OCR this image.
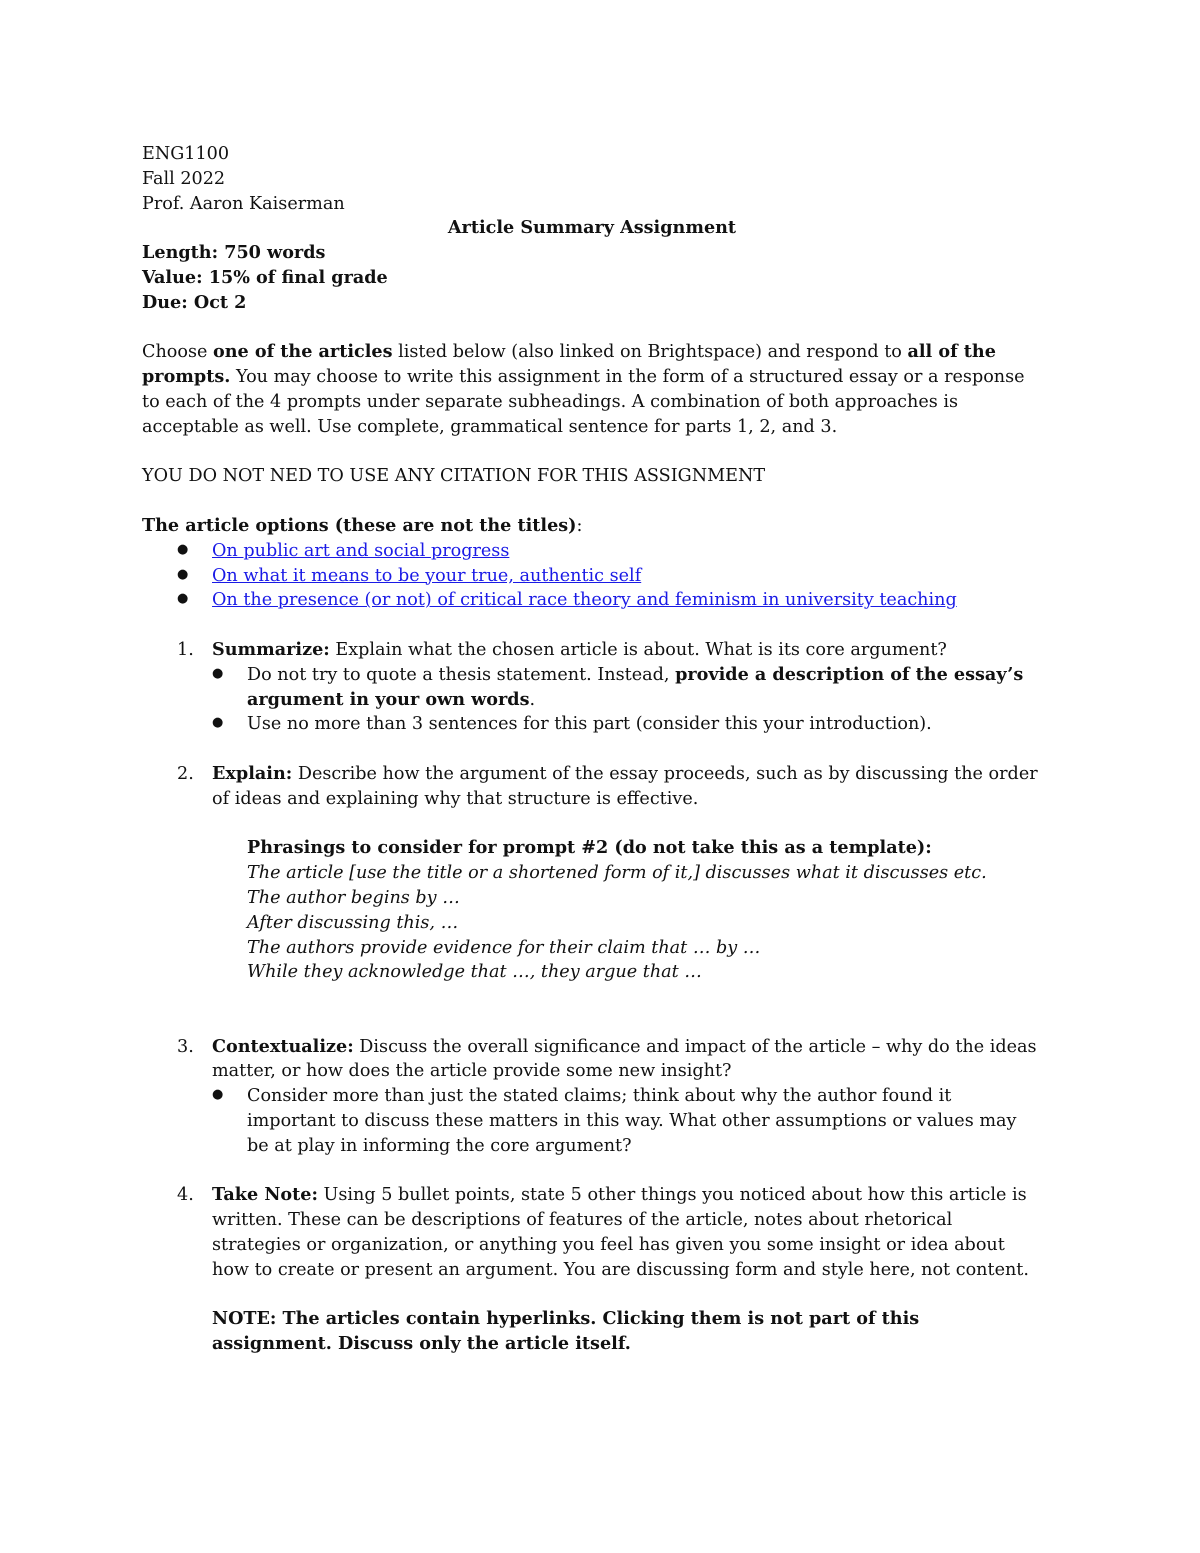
ENG1100

Fall 2022

Prof. Aaron Kaiserman

Article Summary Assignment

Length: 750 words

Value: 15% of final grade

Due: Oct 2

Choose one of the articles listed below (also linked on Brightspace) and respond to all of the prompts. You may choose to write this assignment in the form of a structured essay or a response to each of the 4 prompts under separate subheadings. A combination of both approaches is acceptable as well. Use complete, grammatical sentence for parts 1, 2, and 3.

YOU DO NOT NED TO USE ANY CITATION FOR THIS ASSIGNMENT

The article options (these are not the titles):

● On public art and social progress
● On what it means to be your true, authentic self
● On the presence (or not) of critical race theory and feminism in university teaching
1. Summarize: Explain what the chosen article is about. What is its core argument?

● Do not try to quote a thesis statement. Instead, provide a description of the essay’s argument in your own words.
● Use no more than 3 sentences for this part (consider this your introduction).
2. Explain: Describe how the argument of the essay proceeds, such as by discussing the order of ideas and explaining why that structure is effective.

Phrasings to consider for prompt #2 (do not take this as a template):

The article [use the title or a shortened form of it,] discusses what it discusses etc.

The author begins by …

After discussing this, …

The authors provide evidence for their claim that … by …

While they acknowledge that …, they argue that …

3. Contextualize: Discuss the overall significance and impact of the article – why do the ideas matter, or how does the article provide some new insight?

● Consider more than just the stated claims; think about why the author found it important to discuss these matters in this way. What other assumptions or values may be at play in informing the core argument?
4. Take Note: Using 5 bullet points, state 5 other things you noticed about how this article is written. These can be descriptions of features of the article, notes about rhetorical strategies or organization, or anything you feel has given you some insight or idea about how to create or present an argument. You are discussing form and style here, not content.

NOTE: The articles contain hyperlinks. Clicking them is not part of this assignment. Discuss only the article itself.
